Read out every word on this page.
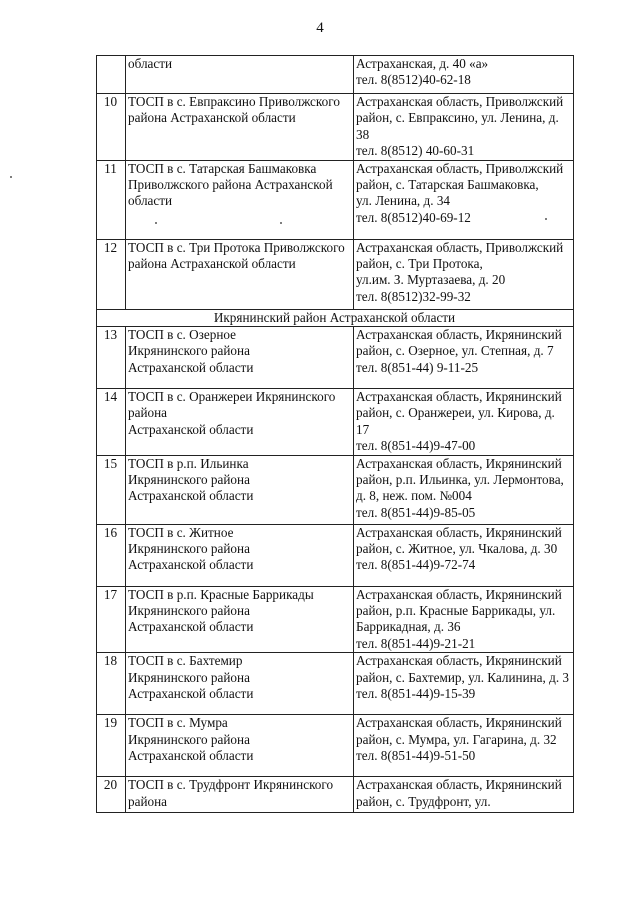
4
	области	Астраханская, д. 40 «а»
тел. 8(8512)40-62-18
10	ТОСП в с. Евпраксино Приволжского района Астраханской области	Астраханская область, Приволжский район, с. Евпраксино, ул. Ленина, д. 38
тел. 8(8512) 40-60-31
11	ТОСП в с. Татарская Башмаковка Приволжского района Астраханской области	Астраханская область, Приволжский район, с. Татарская Башмаковка,
ул. Ленина, д. 34
тел. 8(8512)40-69-12
12	ТОСП в с. Три Протока Приволжского района Астраханской области	Астраханская область, Приволжский район, с. Три Протока,
ул.им. З. Муртазаева, д. 20
тел. 8(8512)32-99-32
Икрянинский район Астраханской области		
13	ТОСП в с. Озерное
Икрянинского района
Астраханской области	Астраханская область, Икрянинский район, с. Озерное, ул. Степная, д. 7
тел. 8(851-44) 9-11-25
14	ТОСП в с. Оранжереи Икрянинского района
Астраханской области	Астраханская область, Икрянинский район, с. Оранжереи, ул. Кирова, д. 17
тел. 8(851-44)9-47-00
15	ТОСП в р.п. Ильинка
Икрянинского района
Астраханской области	Астраханская область, Икрянинский район, р.п. Ильинка, ул. Лермонтова, д. 8, неж. пом. №004
тел. 8(851-44)9-85-05
16	ТОСП в с. Житное
Икрянинского района
Астраханской области	Астраханская область, Икрянинский район, с. Житное, ул. Чкалова, д. 30
тел. 8(851-44)9-72-74
17	ТОСП в р.п. Красные Баррикады Икрянинского района
Астраханской области	Астраханская область, Икрянинский район, р.п. Красные Баррикады, ул. Баррикадная, д. 36
тел. 8(851-44)9-21-21
18	ТОСП в с. Бахтемир
Икрянинского района
Астраханской области	Астраханская область, Икрянинский район, с. Бахтемир, ул. Калинина, д. 3
тел. 8(851-44)9-15-39
19	ТОСП в с. Мумра
Икрянинского района
Астраханской области	Астраханская область, Икрянинский район, с. Мумра, ул. Гагарина, д. 32
тел. 8(851-44)9-51-50
20	ТОСП в с. Трудфронт Икрянинского района	Астраханская область, Икрянинский район, с. Трудфронт, ул.
